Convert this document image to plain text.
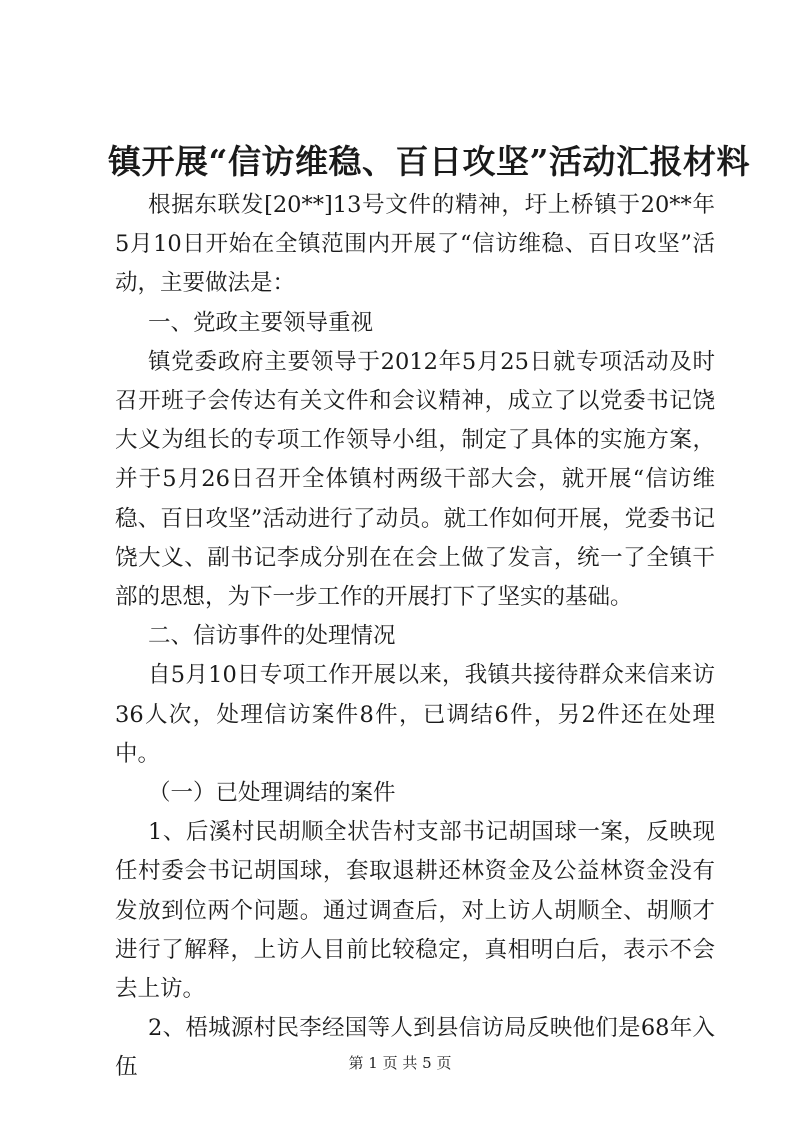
镇开展“信访维稳、百日攻坚”活动汇报材料

根据东联发[20**]13号文件的精神，圩上桥镇于20**年5月10日开始在全镇范围内开展了“信访维稳、百日攻坚”活动，主要做法是：

一、党政主要领导重视

镇党委政府主要领导于2012年5月25日就专项活动及时召开班子会传达有关文件和会议精神，成立了以党委书记饶大义为组长的专项工作领导小组，制定了具体的实施方案，并于5月26日召开全体镇村两级干部大会，就开展“信访维稳、百日攻坚”活动进行了动员。就工作如何开展，党委书记饶大义、副书记李成分别在在会上做了发言，统一了全镇干部的思想，为下一步工作的开展打下了坚实的基础。

二、信访事件的处理情况

自5月10日专项工作开展以来，我镇共接待群众来信来访36人次，处理信访案件8件，已调结6件，另2件还在处理中。

（一）已处理调结的案件

1、后溪村民胡顺全状告村支部书记胡国球一案，反映现任村委会书记胡国球，套取退耕还林资金及公益林资金没有发放到位两个问题。通过调查后，对上访人胡顺全、胡顺才进行了解释，上访人目前比较稳定，真相明白后，表示不会去上访。

2、梧城源村民李经国等人到县信访局反映他们是68年入伍	第 1 页 共 5 页
